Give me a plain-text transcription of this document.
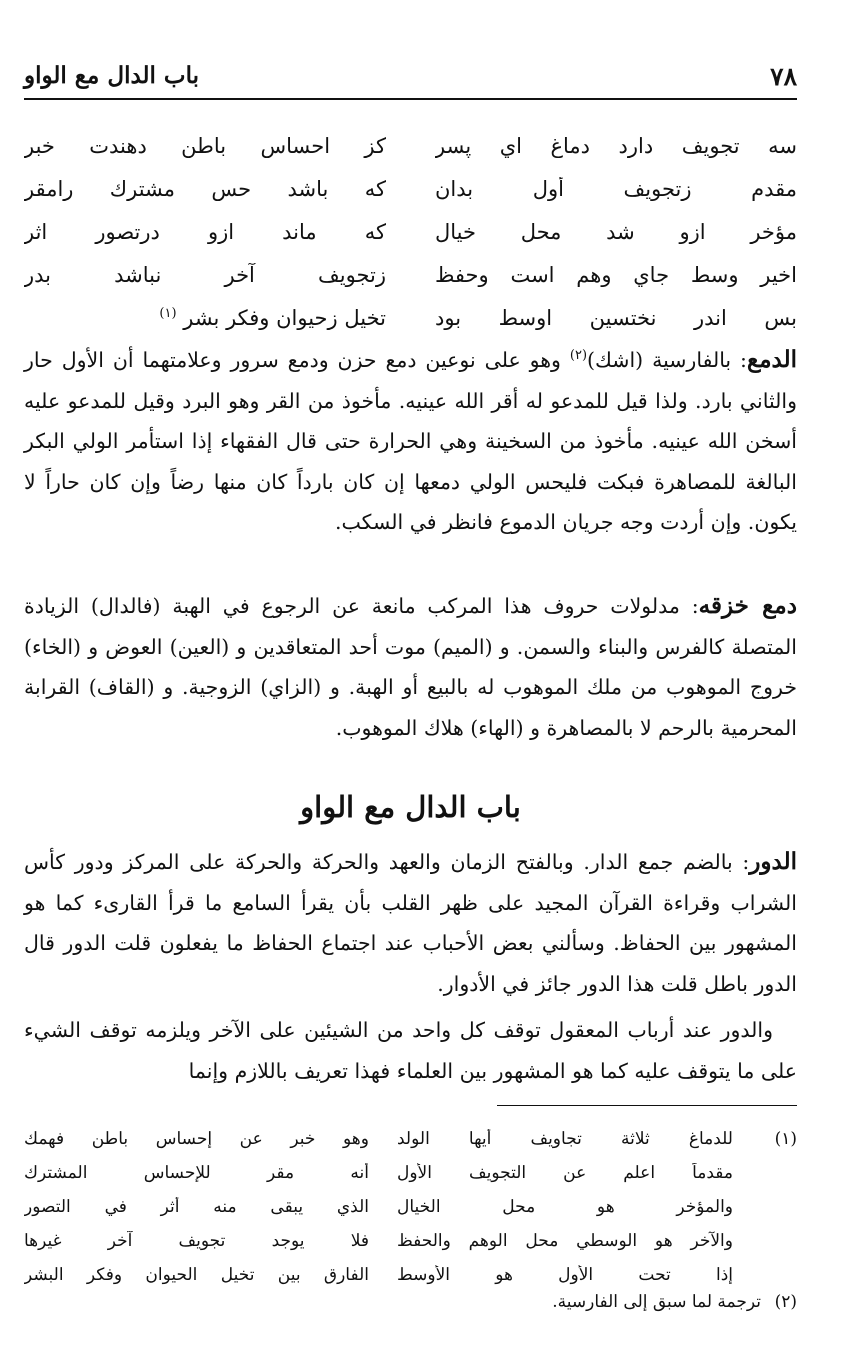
٧٨
باب الدال مع الواو
سه تجويف دارد دماغ اي پسر
كز احساس باطن دهندت خبر
مقدم زتجويف أول بدان
كه باشد حس مشترك رامقر
مؤخر ازو شد محل خيال
كه ماند ازو درتصور اثر
اخير وسط جاي وهم است وحفظ
زتجويف آخر نباشد بدر
بس اندر نختسين اوسط بود
تخيل زحيوان وفكر بشر $^{(١)}$
الدمع: بالفارسية (اشك)$^{(٢)}$ وهو على نوعين دمع حزن ودمع سرور وعلامتهما أن الأول حار والثاني بارد. ولذا قيل للمدعو له أقر الله عينيه. مأخوذ من القر وهو البرد وقيل للمدعو عليه أسخن الله عينيه. مأخوذ من السخينة وهي الحرارة حتى قال الفقهاء إذا استأمر الولي البكر البالغة للمصاهرة فبكت فليحس الولي دمعها إن كان بارداً كان منها رضاً وإن كان حاراً لا يكون. وإن أردت وجه جريان الدموع فانظر في السكب.
دمع خزقه: مدلولات حروف هذا المركب مانعة عن الرجوع في الهبة (فالدال) الزيادة المتصلة كالفرس والبناء والسمن. و (الميم) موت أحد المتعاقدين و (العين) العوض و (الخاء) خروج الموهوب من ملك الموهوب له بالبيع أو الهبة. و (الزاي) الزوجية. و (القاف) القرابة المحرمية بالرحم لا بالمصاهرة و (الهاء) هلاك الموهوب.
باب الدال مع الواو
الدور: بالضم جمع الدار. وبالفتح الزمان والعهد والحركة والحركة على المركز ودور كأس الشراب وقراءة القرآن المجيد على ظهر القلب بأن يقرأ السامع ما قرأ القارىء كما هو المشهور بين الحفاظ. وسألني بعض الأحباب عند اجتماع الحفاظ ما يفعلون قلت الدور قال الدور باطل قلت هذا الدور جائز في الأدوار.
والدور عند أرباب المعقول توقف كل واحد من الشيئين على الآخر ويلزمه توقف الشيء على ما يتوقف عليه كما هو المشهور بين العلماء فهذا تعريف باللازم وإنما
(١)
للدماغ ثلاثة تجاويف أيها الولد
وهو خبر عن إحساس باطن فهمك
مقدماً اعلم عن التجويف الأول
أنه مقر للإحساس المشترك
والمؤخر هو محل الخيال
الذي يبقى منه أثر في التصور
والآخر هو الوسطي محل الوهم والحفظ
فلا يوجد تجويف آخر غيرها
إذا تحت الأول هو الأوسط
الفارق بين تخيل الحيوان وفكر البشر
(٢)
ترجمة لما سبق إلى الفارسية.
